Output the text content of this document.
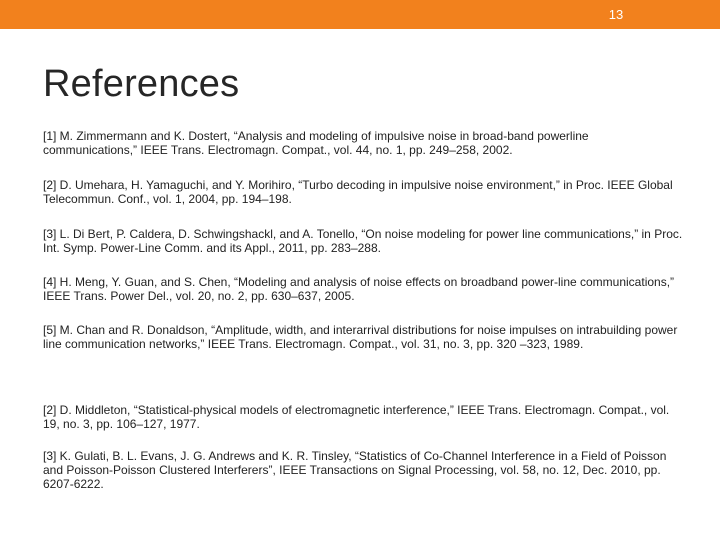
13
References

[1] M. Zimmermann and K. Dostert, “Analysis and modeling of impulsive noise in broad-band powerline communications,” IEEE Trans. Electromagn. Compat., vol. 44, no. 1, pp. 249–258, 2002.

[2] D. Umehara, H. Yamaguchi, and Y. Morihiro, “Turbo decoding in impulsive noise environment,” in Proc. IEEE Global Telecommun. Conf., vol. 1, 2004, pp. 194–198.

[3] L. Di Bert, P. Caldera, D. Schwingshackl, and A. Tonello, “On noise modeling for power line communications,” in Proc. Int. Symp. Power-Line Comm. and its Appl., 2011, pp. 283–288.

[4] H. Meng, Y. Guan, and S. Chen, “Modeling and analysis of noise effects on broadband power-line communications,” IEEE Trans. Power Del., vol. 20, no. 2, pp. 630–637, 2005.

[5] M. Chan and R. Donaldson, “Amplitude, width, and interarrival distributions for noise impulses on intrabuilding power line communication networks,” IEEE Trans. Electromagn. Compat., vol. 31, no. 3, pp. 320 –323, 1989.

[2] D. Middleton, “Statistical-physical models of electromagnetic interference,” IEEE Trans. Electromagn. Compat., vol. 19, no. 3, pp. 106–127, 1977.

[3] K. Gulati, B. L. Evans, J. G. Andrews and K. R. Tinsley, “Statistics of Co-Channel Interference in a Field of Poisson and Poisson-Poisson Clustered Interferers”, IEEE Transactions on Signal Processing, vol. 58, no. 12, Dec. 2010, pp. 6207-6222.
